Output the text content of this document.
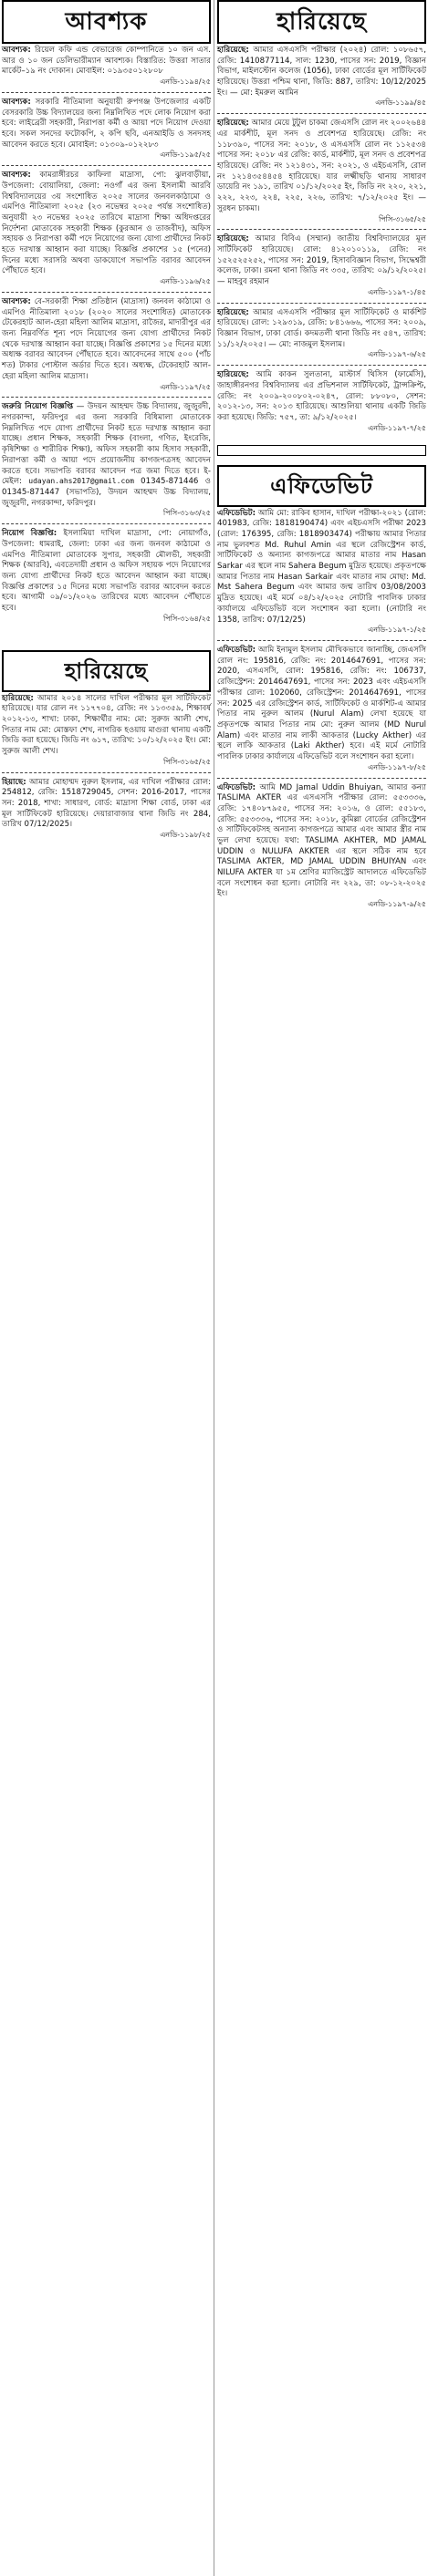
আবশ্যক
আবশ্যক: রিয়েল কফি এন্ড বেভারেজ কোম্পানিতে ১০ জন এস. আর ও ১০ জন ডেলিভারীম্যান আবশ্যক। বিস্তারিত: উত্তরা সাতার মার্কেট–১৯ নং দোকান। মোবাইল: ০১৯৩৫০১২৮০৮
এনডি-১১৯৪/২৫
আবশ্যক: সরকারি নীতিমালা অনুযায়ী রুপগঞ্জ উপজেলার একটি বেসরকারি উচ্চ বিদ্যালয়ের জন্য নিম্নলিখিত পদে লোক নিয়োগ করা হবে: লাইব্রেরী সহকারী, নিরাপত্তা কর্মী ও আয়া পদে নিয়োগ দেওয়া হবে। সকল সনদের ফটোকপি, ২ কপি ছবি, এনআইডি ও সনদসহ আবেদন করতে হবে। মোবাইল: ০১৩০৯-০১২২৮৩
এনডি-১১৯৫/২৫
আবশ্যক: কামরাঙ্গীরচর কাফিলা মাদ্রাসা, পো: ঝুলবাড়ীয়া, উপজেলা: বোয়ালিয়া, জেলা: নওগাঁ এর জন্য ইসলামী আরবি বিশ্ববিদ্যালয়ের ৩য় সংশোধিত ২০২৫ সালের জনবলকাঠামো ও এমপিও নীতিমালা ২০২৫ (২৩ নভেম্বর ২০২৫ পর্যন্ত সংশোধিত) অনুযায়ী ২৩ নভেম্বর ২০২৫ তারিখে মাদ্রাসা শিক্ষা অধিদপ্তরের নির্দেশনা মোতাবেক সহকারী শিক্ষক (কুরআন ও তাজবীদ), অফিস সহায়ক ও নিরাপত্তা কর্মী পদে নিয়োগের জন্য যোগ্য প্রার্থীদের নিকট হতে দরখাস্ত আহ্বান করা যাচ্ছে। বিজ্ঞপ্তি প্রকাশের ১৫ (পনের) দিনের মধ্যে সরাসরি অথবা ডাকযোগে সভাপতি বরাবর আবেদন পৌঁছাতে হবে।
এনডি-১১৯৬/২৫
আবশ্যক: বে-সরকারী শিক্ষা প্রতিষ্ঠান (মাদ্রাসা) জনবল কাঠামো ও এমপিও নীতিমালা ২০১৮ (২০২০ সালের সংশোধিত) মোতাবেক টেকেরহাট আল-হেরা মহিলা আলিম মাদ্রাসা, রাজৈর, মাদারীপুর এর জন্য নিম্নবর্ণিত শূন্য পদে নিয়োগের জন্য যোগ্য প্রার্থীদের নিকট থেকে দরখাস্ত আহ্বান করা যাচ্ছে। বিজ্ঞপ্তি প্রকাশের ১৫ দিনের মধ্যে অধ্যক্ষ বরাবর আবেদন পৌঁছাতে হবে। আবেদনের সাথে ৫০০ (পাঁচ শত) টাকার পোস্টাল অর্ডার দিতে হবে। অধ্যক্ষ, টেকেরহাট আল-হেরা মহিলা আলিম মাদ্রাসা।
এনডি-১১৯৭/২৫
জরুরি নিয়োগ বিজ্ঞপ্তি — উদয়ন আহম্মদ উচ্চ বিদ্যালয়, জুজুরদী, নগরকান্দা, ফরিদপুর এর জন্য সরকারি বিধিমালা মোতাবেক নিম্নলিখিত পদে যোগ্য প্রার্থীদের নিকট হতে দরখাস্ত আহ্বান করা যাচ্ছে। প্রধান শিক্ষক, সহকারী শিক্ষক (বাংলা, গণিত, ইংরেজি, কৃষিশিক্ষা ও শারীরিক শিক্ষা), অফিস সহকারী কাম হিসাব সহকারী, নিরাপত্তা কর্মী ও আয়া পদে প্রয়োজনীয় কাগজপত্রসহ আবেদন করতে হবে। সভাপতি বরাবর আবেদন পত্র জমা দিতে হবে। ই-মেইল: udayan.ahs2017@gmail.com 01345-871446 ও 01345-871447 (সভাপতি), উদয়ন আহম্মদ উচ্চ বিদ্যালয়, জুজুরদী, নগরকান্দা, ফরিদপুর।
পিসি-৩১৬৩/২৫
নিয়োগ বিজ্ঞপ্তি: ইসলামিয়া দাখিল মাদ্রাসা, পো: নোয়াগাঁও, উপজেলা: ধামরাই, জেলা: ঢাকা এর জন্য জনবল কাঠামো ও এমপিও নীতিমালা মোতাবেক সুপার, সহকারী মৌলভী, সহকারী শিক্ষক (আরবি), এবতেদায়ী প্রধান ও অফিস সহায়ক পদে নিয়োগের জন্য যোগ্য প্রার্থীদের নিকট হতে আবেদন আহ্বান করা যাচ্ছে। বিজ্ঞপ্তি প্রকাশের ১৫ দিনের মধ্যে সভাপতি বরাবর আবেদন করতে হবে। আগামী ০৯/০১/২০২৬ তারিখের মধ্যে আবেদন পৌঁছাতে হবে।
পিসি-৩১৬৪/২৫
হারিয়েছে
হারিয়েছে: আমার ২০১৪ সালের দাখিল পরীক্ষার মূল সার্টিফিকেট হারিয়েছে। যার রোল নং ১১৭৭০৪, রেজি: নং ১১৩৩৫৯, শিক্ষাবর্ষ ২০১২-১৩, শাখা: ঢাকা, শিক্ষার্থীর নাম: মো: সুরুজ আলী শেখ, পিতার নাম মো: মোস্তফা শেখ, নাগরিক হওয়ায় মাগুরা থানায় একটি জিডি করা হয়েছে। জিডি নং ৬১৭, তারিখ: ১০/১২/২০২৫ ইং। মো: সুরুজ আলী শেখ।
পিসি-৩১৬৫/২৫
হিয়াছে: আমার মোহাম্মদ নুরুল ইসলাম, এর দাখিল পরীক্ষার রোল: 254812, রেজি: 1518729045, সেশন: 2016-2017, পাসের সন: 2018, শাখা: সাধারণ, বোর্ড: মাদ্রাসা শিক্ষা বোর্ড, ঢাকা এর মূল সার্টিফিকেট হারিয়েছে। দেয়ারাবাজার থানা জিডি নং 284, তারিখ 07/12/2025।
এনডি-১১৯৮/২৫
হারিয়েছে
হারিয়েছে: আমার এসএসসি পরীক্ষার (২০২৪) রোল: ১০৮৬৫৭, রেজি: 1410877114, সাল: 1230, পাসের সন: 2019, বিজ্ঞান বিভাগ, মাইলস্টোন কলেজ (1056), ঢাকা বোর্ডের মূল সার্টিফিকেট হারিয়েছে। উত্তরা পশ্চিম থানা, জিডি: 887, তারিখ: 10/12/2025 ইং। — মো: ইমরুল আমিন
এনডি-১১৯৯/৪৫
হারিয়েছে: আমার মেয়ে টুটুল চাকমা জেএসসি রোল নং ২০০২৬৪৪ এর মার্কশীট, মূল সনদ ও প্রবেশপত্র হারিয়েছে। রেজি: নং ১১৮৩৯০, পাসের সন: ২০১৮, ও এসএসসি রোল নং ১১২৫৩৪ পাসের সন: ২০১৮ এর রেজি: কার্ড, মার্কশীট, মূল সনদ ও প্রবেশপত্র হারিয়েছে। রেজি: নং ১২১৪৩১, সন: ২০২১, ও এইচএসসি, রোল নং ১২১৪৩৫৪৪৫৪ হারিয়েছে। যার লক্ষ্মীছড়ি থানায় সাধারণ ডায়েরি নং ১৯১, তারিখ ০১/১২/২০২৫ ইং, জিডি নং ২২০, ২২১, ২২২, ২২৩, ২২৪, ২২৫, ২২৬, তারিখ: ৭/১২/২০২৫ ইং। — সুরধন চাকমা।
পিসি-৩১৬৫/২৫
হারিয়েছে: আমার বিবিএ (সম্মান) জাতীয় বিশ্ববিদ্যালয়ের মূল সার্টিফিকেট হারিয়েছে। রোল: ৪১২০১০১১৯, রেজি: নং ১৫২৫২৫২৫২, পাসের সন: 2019, হিসাববিজ্ঞান বিভাগ, সিদ্ধেশ্বরী কলেজ, ঢাকা। রমনা থানা জিডি নং ৩৩৫, তারিখ: ০৯/১২/২০২৫। — মাহবুব রহমান
এনডি-১১৯৭-১/৪৫
হারিয়েছে: আমার এসএসসি পরীক্ষার মূল সার্টিফিকেট ও মার্কশিট হারিয়েছে। রোল: ১২৯৩১৯, রেজি: ৮৪১৬৬৬, পাসের সন: ২০০৯, বিজ্ঞান বিভাগ, ঢাকা বোর্ড। কদমতলী থানা জিডি নং ৫৪৭, তারিখ: ১১/১২/২০২৫। — মো: নাজমুল ইসলাম।
এনডি-১১৯৭-৬/২৫
হারিয়েছে: আমি কাকন সুলতানা, মাস্টার্স থিসিস (ফার্মেসি), জাহাঙ্গীরনগর বিশ্ববিদ্যালয় এর প্রভিশনাল সার্টিফিকেট, ট্রান্সক্রিপ্ট, রেজি: নং ২০০৯-২০০৮০২-০২৪৭, রোল: ৮৮০৮০, সেশন: ২০১২-১৩, সন: ২০১৩ হারিয়েছে। আশুলিয়া থানায় একটি জিডি করা হয়েছে। জিডি: ৭৫৭, তা: ৯/১২/২০২৫।
এনডি-১১৯৭-৭/২৫
এফিডেভিট
এফিডেভিট: আমি মো: রাকিব হাসান, দাখিল পরীক্ষা-২০২১ (রোল: 401983, রেজি: 1818190474) এবং এইচএসসি পরীক্ষা 2023 (রোল: 176395, রেজি: 1818903474) পরীক্ষায় আমার পিতার নাম ভুলবশত Md. Ruhul Amin এর স্থলে রেজিস্ট্রেশন কার্ড, সার্টিফিকেট ও অন্যান্য কাগজপত্রে আমার মাতার নাম Hasan Sarkar এর স্থলে নাম Sahera Begum মুদ্রিত হয়েছে। প্রকৃতপক্ষে আমার পিতার নাম Hasan Sarkair এবং মাতার নাম মোছা: Md. Mst Sahera Begum এবং আমার জন্ম তারিখ 03/08/2003 মুদ্রিত হয়েছে। এই মর্মে ০৪/১২/২০২৫ নোটারি পাবলিক ঢাকার কার্যালয়ে এফিডেভিট বলে সংশোধন করা হলো। (নোটারি নং 1358, তারিখ: 07/12/25)
এনডি-১১৯৭-১/২৫
এফিডেভিট: আমি ইনামুল ইসলাম মৌখিকভাবে জানাচ্ছি, জেএসসি রোল নং: 195816, রেজি: নং: 2014647691, পাসের সন: 2020, এসএসসি, রোল: 195816, রেজি: নং: 106737, রেজিস্ট্রেশন: 2014647691, পাসের সন: 2023 এবং এইচএসসি পরীক্ষার রোল: 102060, রেজিস্ট্রেশন: 2014647691, পাসের সন: 2025 এর রেজিস্ট্রেশন কার্ড, সার্টিফিকেট ও মার্কশিট-এ আমার পিতার নাম নুরুল আলম (Nurul Alam) লেখা হয়েছে যা প্রকৃতপক্ষে আমার পিতার নাম মো: নুরুল আলম (MD Nurul Alam) এবং মাতার নাম লাকী আকতার (Lucky Akther) এর স্থলে লাকি আকতার (Laki Akther) হবে। এই মর্মে নোটারি পাবলিক ঢাকার কার্যালয়ে এফিডেভিট বলে সংশোধন করা হলো।
এনডি-১১৯৭-৮/২৫
এফিডেভিট: আমি MD Jamal Uddin Bhuiyan, আমার কন্যা TASLIMA AKTER এর এসএসসি পরীক্ষার রোল: ৫৫৩৩৩৬, রেজি: ১৭৪০৮৭৯৫৫, পাসের সন: ২০১৬, ও রোল: ৫৫১৮৩, রেজি: ৫৫৩৩৩৬, পাসের সন: ২০১৮, কুমিল্লা বোর্ডের রেজিস্ট্রেশন ও সার্টিফিকেটসহ অন্যান্য কাগজপত্রে আমার এবং আমার স্ত্রীর নাম ভুল লেখা হয়েছে। যথা: TASLIMA AKHTER, MD JAMAL UDDIN ও NULUFA AKKTER এর স্থলে সঠিক নাম হবে TASLIMA AKTER, MD JAMAL UDDIN BHUIYAN এবং NILUFA AKTER যা ১ম শ্রেণির ম্যাজিস্ট্রেট আদালতে এফিডেভিট বলে সংশোধন করা হলো। নোটারি নং ২২৯, তা: ০৮-১২-২০২৫ ইং।
এনডি-১১৯৭-৯/২৫
